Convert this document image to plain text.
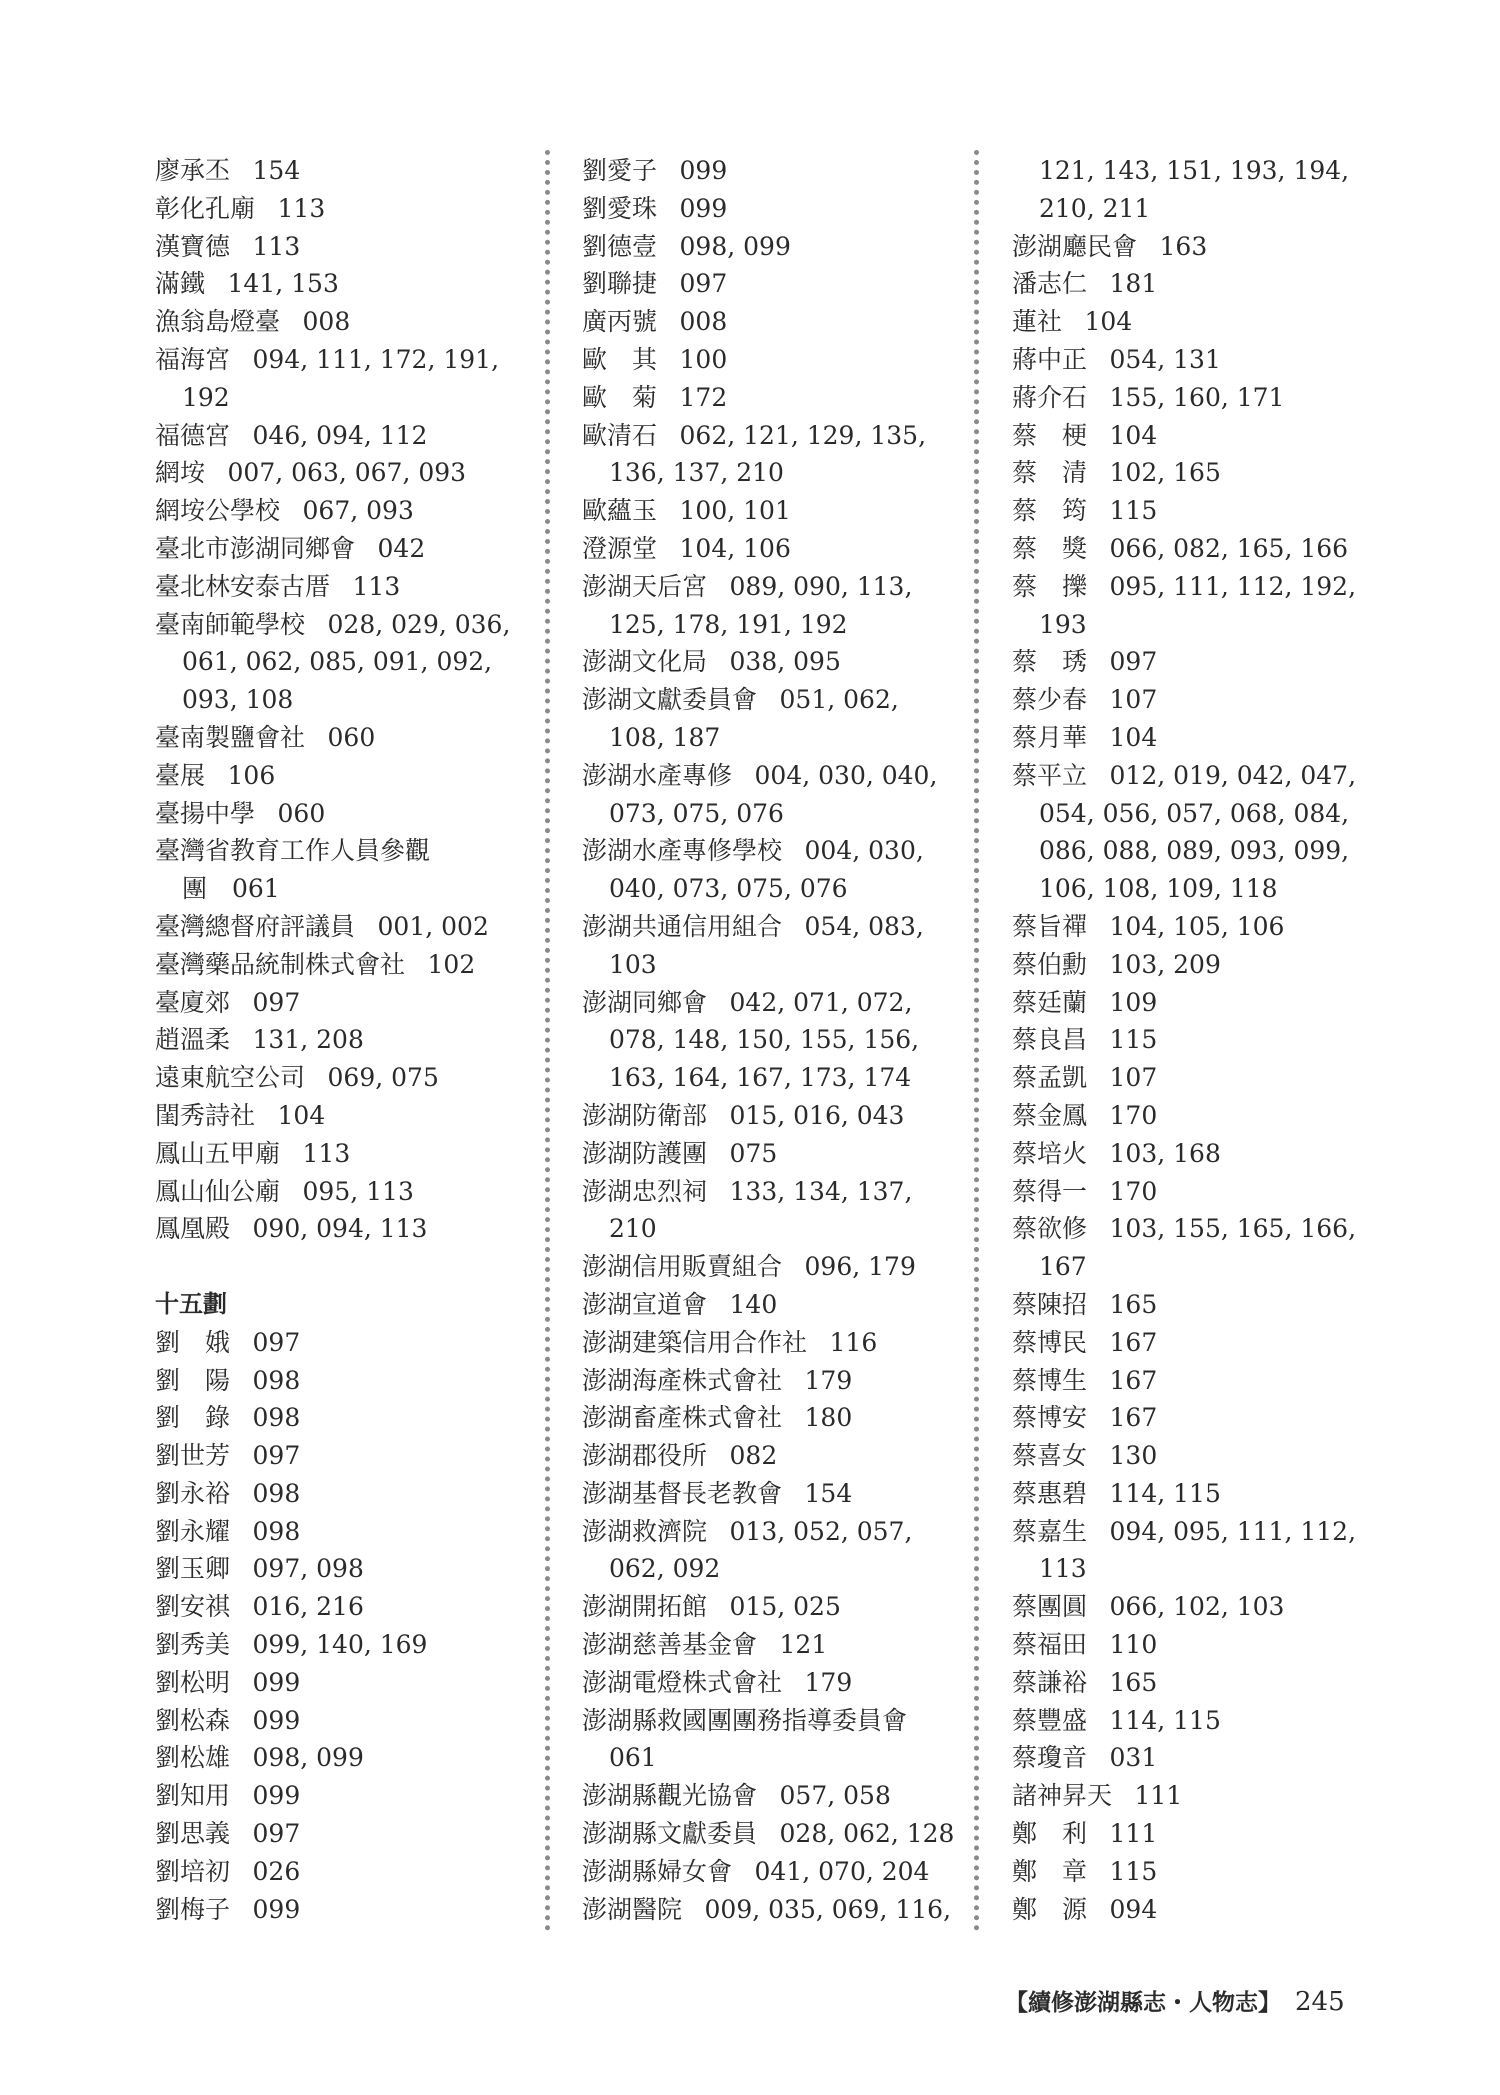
廖承丕 154
彰化孔廟 113
漢寶德 113
滿鐵 141, 153
漁翁島燈臺 008
福海宮 094, 111, 172, 191,
192
福德宮 046, 094, 112
網垵 007, 063, 067, 093
網垵公學校 067, 093
臺北市澎湖同鄉會 042
臺北林安泰古厝 113
臺南師範學校 028, 029, 036,
061, 062, 085, 091, 092,
093, 108
臺南製鹽會社 060
臺展 106
臺揚中學 060
臺灣省教育工作人員參觀
團　061
臺灣總督府評議員 001, 002
臺灣藥品統制株式會社 102
臺廈郊 097
趙溫柔 131, 208
遠東航空公司 069, 075
閨秀詩社 104
鳳山五甲廟 113
鳳山仙公廟 095, 113
鳳凰殿 090, 094, 113
十五劃
劉　娥 097
劉　陽 098
劉　錄 098
劉世芳 097
劉永裕 098
劉永耀 098
劉玉卿 097, 098
劉安祺 016, 216
劉秀美 099, 140, 169
劉松明 099
劉松森 099
劉松雄 098, 099
劉知用 099
劉思義 097
劉培初 026
劉梅子 099
劉愛子 099
劉愛珠 099
劉德壹 098, 099
劉聯捷 097
廣丙號 008
歐　其 100
歐　菊 172
歐清石 062, 121, 129, 135,
136, 137, 210
歐蘊玉 100, 101
澄源堂 104, 106
澎湖天后宮 089, 090, 113,
125, 178, 191, 192
澎湖文化局 038, 095
澎湖文獻委員會 051, 062,
108, 187
澎湖水產專修 004, 030, 040,
073, 075, 076
澎湖水產專修學校 004, 030,
040, 073, 075, 076
澎湖共通信用組合 054, 083,
103
澎湖同鄉會 042, 071, 072,
078, 148, 150, 155, 156,
163, 164, 167, 173, 174
澎湖防衛部 015, 016, 043
澎湖防護團 075
澎湖忠烈祠 133, 134, 137,
210
澎湖信用販賣組合 096, 179
澎湖宣道會 140
澎湖建築信用合作社 116
澎湖海產株式會社 179
澎湖畜產株式會社 180
澎湖郡役所 082
澎湖基督長老教會 154
澎湖救濟院 013, 052, 057,
062, 092
澎湖開拓館 015, 025
澎湖慈善基金會 121
澎湖電燈株式會社 179
澎湖縣救國團團務指導委員會
061
澎湖縣觀光協會 057, 058
澎湖縣文獻委員 028, 062, 128
澎湖縣婦女會 041, 070, 204
澎湖醫院 009, 035, 069, 116,
121, 143, 151, 193, 194,
210, 211
澎湖廳民會 163
潘志仁 181
蓮社 104
蔣中正 054, 131
蔣介石 155, 160, 171
蔡　梗 104
蔡　清 102, 165
蔡　筠 115
蔡　獎 066, 082, 165, 166
蔡　擽 095, 111, 112, 192,
193
蔡　琇 097
蔡少春 107
蔡月華 104
蔡平立 012, 019, 042, 047,
054, 056, 057, 068, 084,
086, 088, 089, 093, 099,
106, 108, 109, 118
蔡旨禪 104, 105, 106
蔡伯勳 103, 209
蔡廷蘭 109
蔡良昌 115
蔡孟凱 107
蔡金鳳 170
蔡培火 103, 168
蔡得一 170
蔡欲修 103, 155, 165, 166,
167
蔡陳招 165
蔡博民 167
蔡博生 167
蔡博安 167
蔡喜女 130
蔡惠碧 114, 115
蔡嘉生 094, 095, 111, 112,
113
蔡團圓 066, 102, 103
蔡福田 110
蔡謙裕 165
蔡豐盛 114, 115
蔡瓊音 031
諸神昇天 111
鄭　利 111
鄭　章 115
鄭　源 094
【續修澎湖縣志・人物志】 245
